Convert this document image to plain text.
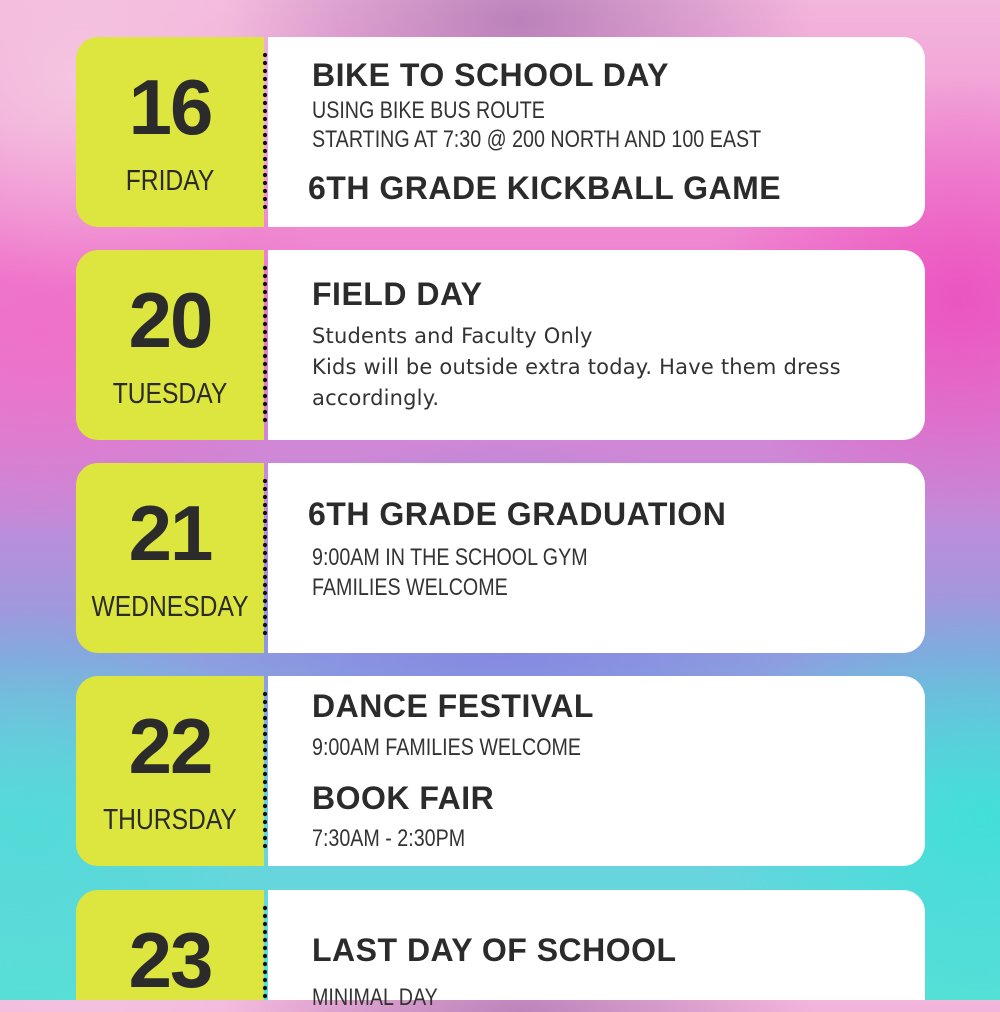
16
FRIDAY
BIKE TO SCHOOL DAY
USING BIKE BUS ROUTE
STARTING AT 7:30 @ 200 NORTH AND 100 EAST
6TH GRADE KICKBALL GAME
20
TUESDAY
FIELD DAY
Students and Faculty Only
Kids will be outside extra today. Have them dress accordingly.
21
WEDNESDAY
6TH GRADE GRADUATION
9:00AM IN THE SCHOOL GYM
FAMILIES WELCOME
22
THURSDAY
DANCE FESTIVAL
9:00AM FAMILIES WELCOME
BOOK FAIR
7:30AM - 2:30PM
23	LAST DAY OF SCHOOL
MINIMAL DAY
